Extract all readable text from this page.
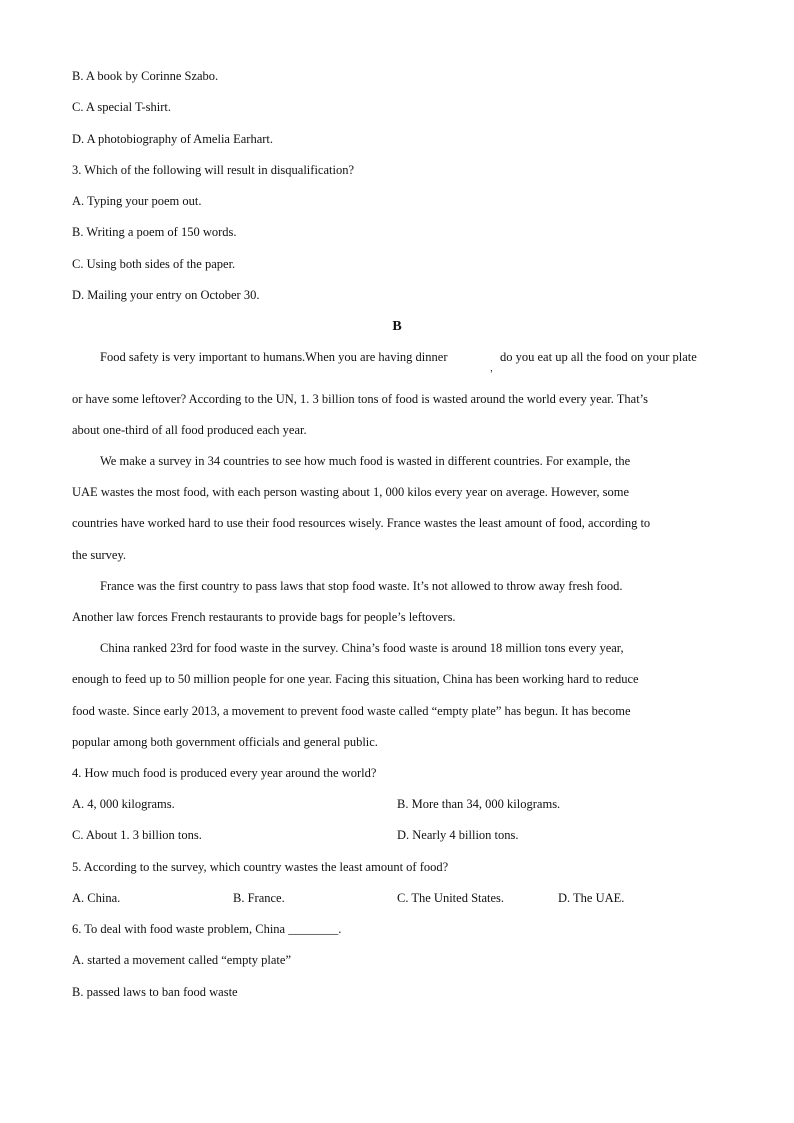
B. A book by Corinne Szabo.
C. A special T-shirt.
D. A photobiography of Amelia Earhart.
3. Which of the following will result in disqualification?
A. Typing your poem out.
B. Writing a poem of 150 words.
C. Using both sides of the paper.
D. Mailing your entry on October 30.
B
Food safety is very important to humans.When you are having dinner
，
do you eat up all the food on your plate
or have some leftover? According to the UN, 1. 3 billion tons of food is wasted around the world every year. That’s
about one-third of all food produced each year.
We make a survey in 34 countries to see how much food is wasted in different countries. For example, the
UAE wastes the most food, with each person wasting about 1, 000 kilos every year on average. However, some
countries have worked hard to use their food resources wisely. France wastes the least amount of food, according to
the survey.
France was the first country to pass laws that stop food waste. It’s not allowed to throw away fresh food.
Another law forces French restaurants to provide bags for people’s leftovers.
China ranked 23rd for food waste in the survey. China’s food waste is around 18 million tons every year,
enough to feed up to 50 million people for one year. Facing this situation, China has been working hard to reduce
food waste. Since early 2013, a movement to prevent food waste called “empty plate” has begun. It has become
popular among both government officials and general public.
4. How much food is produced every year around the world?
A. 4, 000 kilograms.	B. More than 34, 000 kilograms.
C. About 1. 3 billion tons.	D. Nearly 4 billion tons.
5. According to the survey, which country wastes the least amount of food?
A. China.	B. France.	C. The United States.	D. The UAE.
6. To deal with food waste problem, China ________.
A. started a movement called “empty plate”
B. passed laws to ban food waste
